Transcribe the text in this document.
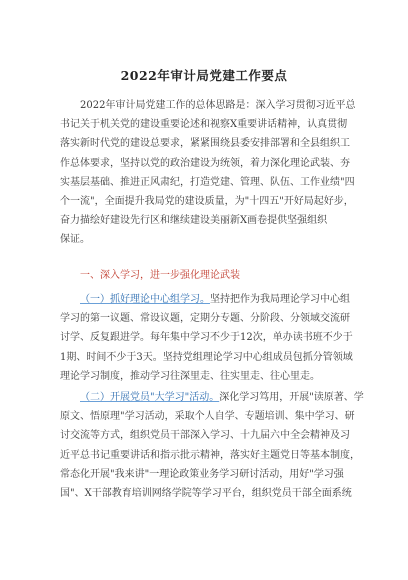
2022年审计局党建工作要点
2022年审计局党建工作的总体思路是：深入学习贯彻习近平总
书记关于机关党的建设重要论述和视察X重要讲话精神，认真贯彻
落实新时代党的建设总要求，紧紧围绕县委安排部署和全县组织工
作总体要求，坚持以党的政治建设为统领，着力深化理论武装、夯
实基层基础、推进正风肃纪，打造党建、管理、队伍、工作业绩"四
个一流"，全面提升我局党的建设质量，为"十四五"开好局起好步，
奋力描绘好建设先行区和继续建设美丽新X画卷提供坚强组织
保证。
一、深入学习，进一步强化理论武装
（一）抓好理论中心组学习。坚持把作为我局理论学习中心组
学习的第一议题、常设议题，定期分专题、分阶段、分领域交流研
讨学、反复跟进学。每年集中学习不少于12次，单办读书班不少于
1期、时间不少于3天。坚持党组理论学习中心组成员包抓分管领域
理论学习制度，推动学习往深里走、往实里走、往心里走。
（二）开展党员"大学习"活动。深化学习笃用，开展"读原著、学
原文、悟原理"学习活动，采取个人自学、专题培训、集中学习、研
讨交流等方式，组织党员干部深入学习、十九届六中全会精神及习
近平总书记重要讲话和指示批示精神，落实好主题党日等基本制度，
常态化开展"我来讲"一理论政策业务学习研讨活动，用好"学习强
国"、X干部教育培训网络学院等学习平台，组织党员干部全面系统
